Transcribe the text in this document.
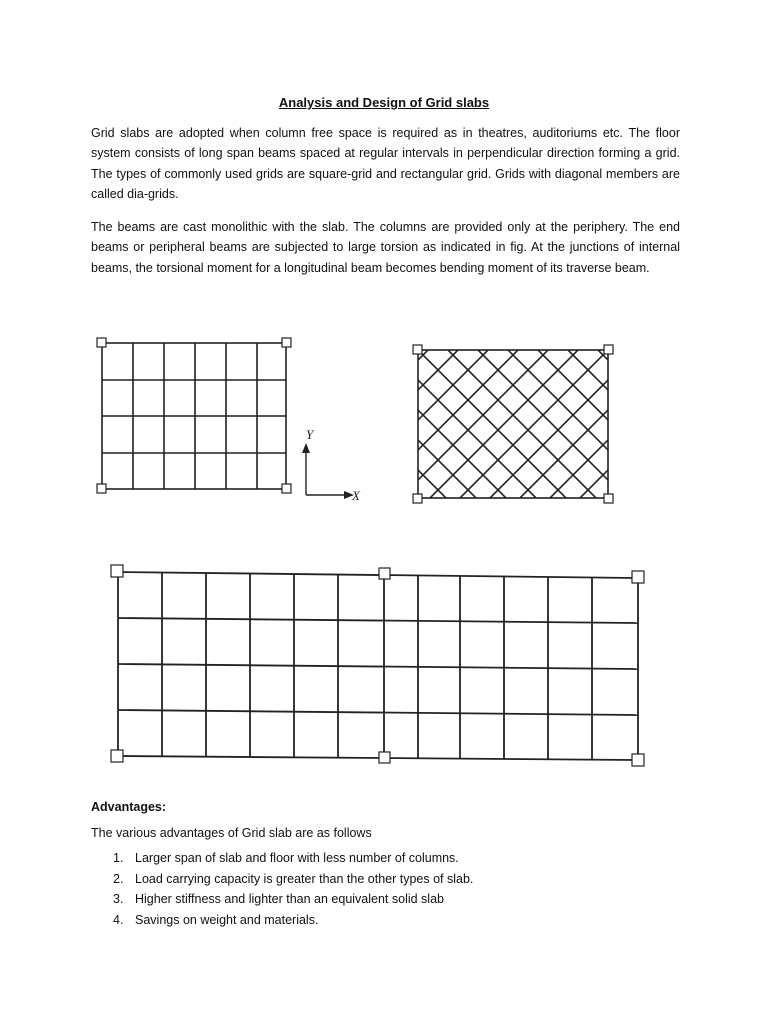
Analysis and Design of Grid slabs

Grid slabs are adopted when column free space is required as in theatres, auditoriums etc. The floor system consists of long span beams spaced at regular intervals in perpendicular direction forming a grid. The types of commonly used grids are square-grid and rectangular grid. Grids with diagonal members are called dia-grids.

The beams are cast monolithic with the slab. The columns are provided only at the periphery. The end beams or peripheral beams are subjected to large torsion as indicated in fig. At the junctions of internal beams, the torsional moment for a longitudinal beam becomes bending moment of its traverse beam.

Y
X
Advantages:
The various advantages of Grid slab are as follows
1. Larger span of slab and floor with less number of columns.
2. Load carrying capacity is greater than the other types of slab.
3. Higher stiffness and lighter than an equivalent solid slab
4. Savings on weight and materials.
